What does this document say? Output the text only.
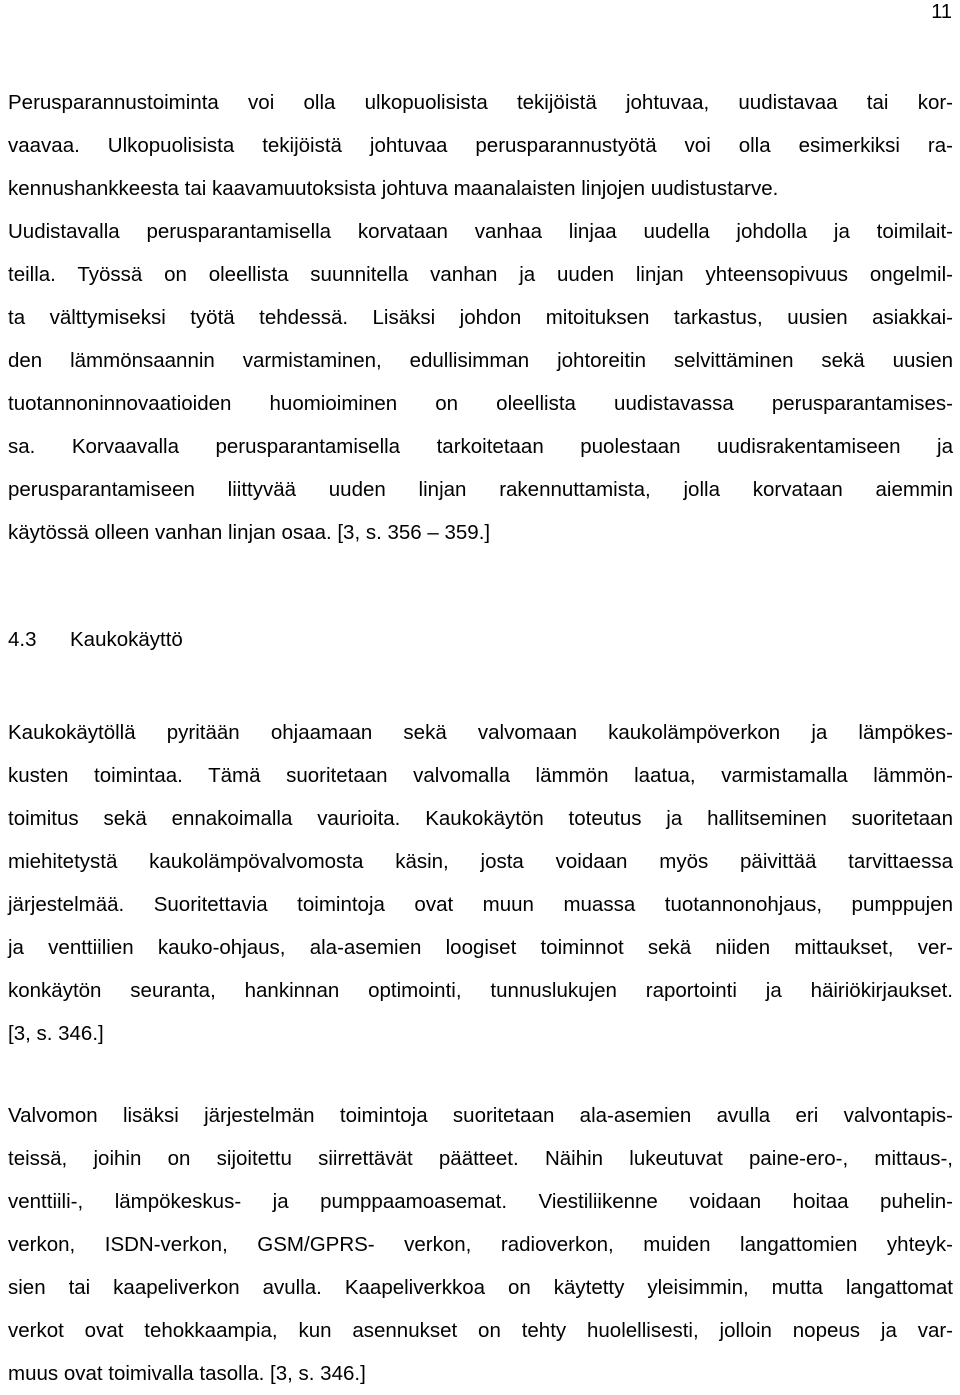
11
Perusparannustoiminta voi olla ulkopuolisista tekijöistä johtuvaa, uudistavaa tai kor-
vaavaa. Ulkopuolisista tekijöistä johtuvaa perusparannustyötä voi olla esimerkiksi ra-
kennushankkeesta tai kaavamuutoksista johtuva maanalaisten linjojen uudistustarve.
Uudistavalla perusparantamisella korvataan vanhaa linjaa uudella johdolla ja toimilait-
teilla. Työssä on oleellista suunnitella vanhan ja uuden linjan yhteensopivuus ongelmil-
ta välttymiseksi työtä tehdessä. Lisäksi johdon mitoituksen tarkastus, uusien asiakkai-
den lämmönsaannin varmistaminen, edullisimman johtoreitin selvittäminen sekä uusien
tuotannoninnovaatioiden huomioiminen on oleellista uudistavassa perusparantamises-
sa. Korvaavalla perusparantamisella tarkoitetaan puolestaan uudisrakentamiseen ja
perusparantamiseen liittyvää uuden linjan rakennuttamista, jolla korvataan aiemmin
käytössä olleen vanhan linjan osaa. [3, s. 356 – 359.]
4.3 Kaukokäyttö
Kaukokäytöllä pyritään ohjaamaan sekä valvomaan kaukolämpöverkon ja lämpökes-
kusten toimintaa. Tämä suoritetaan valvomalla lämmön laatua, varmistamalla lämmön-
toimitus sekä ennakoimalla vaurioita. Kaukokäytön toteutus ja hallitseminen suoritetaan
miehitetystä kaukolämpövalvomosta käsin, josta voidaan myös päivittää tarvittaessa
järjestelmää. Suoritettavia toimintoja ovat muun muassa tuotannonohjaus, pumppujen
ja venttiilien kauko-ohjaus, ala-asemien loogiset toiminnot sekä niiden mittaukset, ver-
konkäytön seuranta, hankinnan optimointi, tunnuslukujen raportointi ja häiriökirjaukset.
[3, s. 346.]
Valvomon lisäksi järjestelmän toimintoja suoritetaan ala-asemien avulla eri valvontapis-
teissä, joihin on sijoitettu siirrettävät päätteet. Näihin lukeutuvat paine-ero-, mittaus-,
venttiili-, lämpökeskus- ja pumppaamoasemat. Viestiliikenne voidaan hoitaa puhelin-
verkon, ISDN-verkon, GSM/GPRS- verkon, radioverkon, muiden langattomien yhteyk-
sien tai kaapeliverkon avulla. Kaapeliverkkoa on käytetty yleisimmin, mutta langattomat
verkot ovat tehokkaampia, kun asennukset on tehty huolellisesti, jolloin nopeus ja var-
muus ovat toimivalla tasolla. [3, s. 346.]
